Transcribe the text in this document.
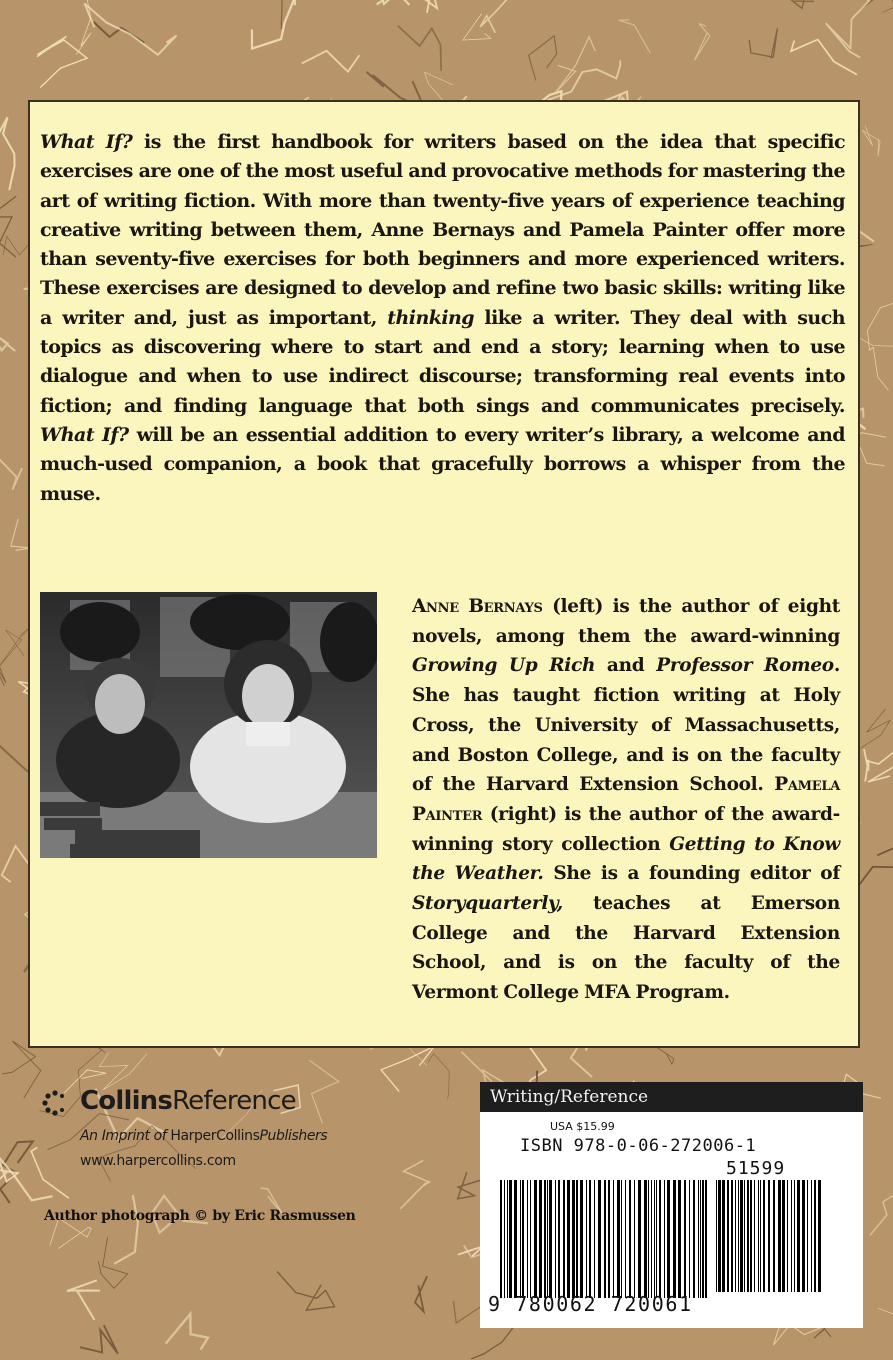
What If? is the first handbook for writers based on the idea that specific exercises are one of the most useful and provocative methods for mastering the art of writing fiction. With more than twenty-five years of experience teaching creative writing between them, Anne Bernays and Pamela Painter offer more than seventy-five exercises for both beginners and more experienced writers. These exercises are designed to develop and refine two basic skills: writing like a writer and, just as important, thinking like a writer. They deal with such topics as discovering where to start and end a story; learning when to use dialogue and when to use indirect discourse; transforming real events into fiction; and finding language that both sings and communicates precisely. What If? will be an essential addition to every writer’s library, a welcome and much-used companion, a book that gracefully borrows a whisper from the muse.

Anne Bernays (left) is the author of eight novels, among them the award-winning Growing Up Rich and Professor Romeo. She has taught fiction writing at Holy Cross, the University of Massachusetts, and Boston College, and is on the faculty of the Harvard Extension School. Pamela Painter (right) is the author of the award-winning story collection Getting to Know the Weather. She is a founding editor of Storyquarterly, teaches at Emerson College and the Harvard Extension School, and is on the faculty of the Vermont College MFA Program.

CollinsReference
An Imprint of HarperCollinsPublishers
www.harpercollins.com
Author photograph © by Eric Rasmussen
Writing/Reference
USA $15.99
ISBN 978-0-06-272006-1
51599
9 780062 720061
